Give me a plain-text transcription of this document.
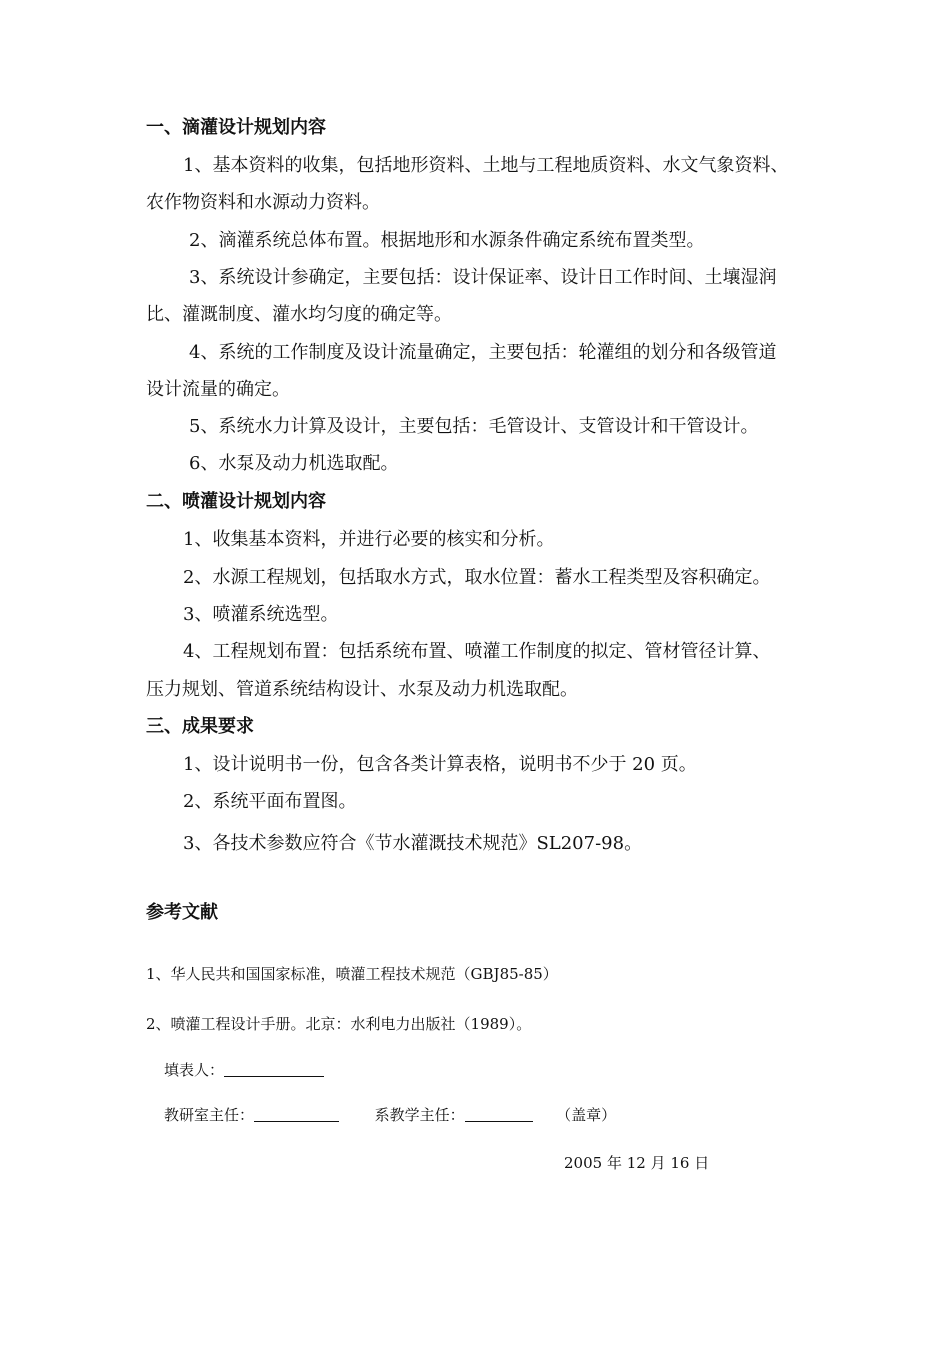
一、滴灌设计规划内容
1、基本资料的收集，包括地形资料、土地与工程地质资料、水文气象资料、
农作物资料和水源动力资料。
2、滴灌系统总体布置。根据地形和水源条件确定系统布置类型。
3、系统设计参确定，主要包括：设计保证率、设计日工作时间、土壤湿润
比、灌溉制度、灌水均匀度的确定等。
4、系统的工作制度及设计流量确定，主要包括：轮灌组的划分和各级管道
设计流量的确定。
5、系统水力计算及设计，主要包括：毛管设计、支管设计和干管设计。
6、水泵及动力机选取配。
二、喷灌设计规划内容
1、收集基本资料，并进行必要的核实和分析。
2、水源工程规划，包括取水方式，取水位置：蓄水工程类型及容积确定。
3、喷灌系统选型。
4、工程规划布置：包括系统布置、喷灌工作制度的拟定、管材管径计算、
压力规划、管道系统结构设计、水泵及动力机选取配。
三、成果要求
1、设计说明书一份，包含各类计算表格，说明书不少于 20 页。
2、系统平面布置图。
3、各技术参数应符合《节水灌溉技术规范》SL207-98。
参考文献
1、华人民共和国国家标准，喷灌工程技术规范（GBJ85-85）
2、喷灌工程设计手册。北京：水利电力出版社（1989）。
填表人：
教研室主任：	系教学主任：	（盖章）
2005 年 12 月 16 日
